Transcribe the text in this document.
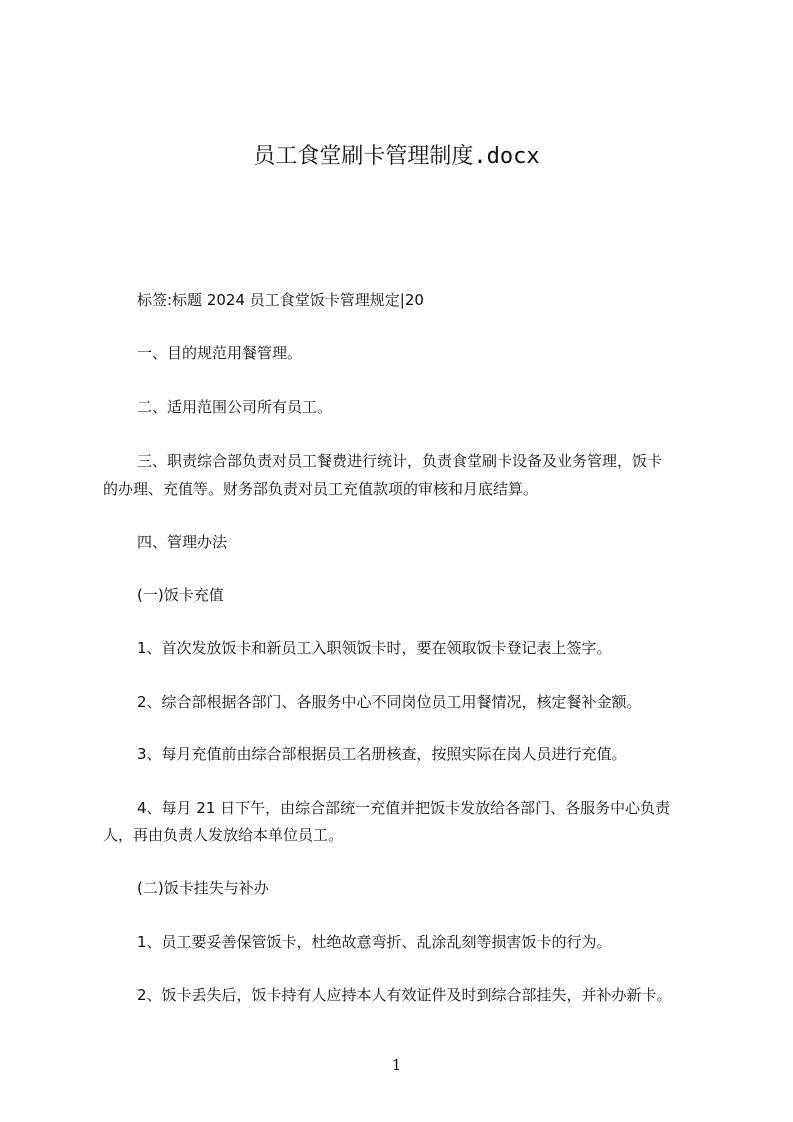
员工食堂刷卡管理制度.docx
标签:标题 2024 员工食堂饭卡管理规定|20
一、目的规范用餐管理。
二、适用范围公司所有员工。
三、职责综合部负责对员工餐费进行统计，负责食堂刷卡设备及业务管理，饭卡
的办理、充值等。财务部负责对员工充值款项的审核和月底结算。
四、管理办法
(一)饭卡充值
1、首次发放饭卡和新员工入职领饭卡时，要在领取饭卡登记表上签字。
2、综合部根据各部门、各服务中心不同岗位员工用餐情况，核定餐补金额。
3、每月充值前由综合部根据员工名册核查，按照实际在岗人员进行充值。
4、每月 21 日下午，由综合部统一充值并把饭卡发放给各部门、各服务中心负责
人，再由负责人发放给本单位员工。
(二)饭卡挂失与补办
1、员工要妥善保管饭卡，杜绝故意弯折、乱涂乱刻等损害饭卡的行为。
2、饭卡丢失后，饭卡持有人应持本人有效证件及时到综合部挂失，并补办新卡。
1
